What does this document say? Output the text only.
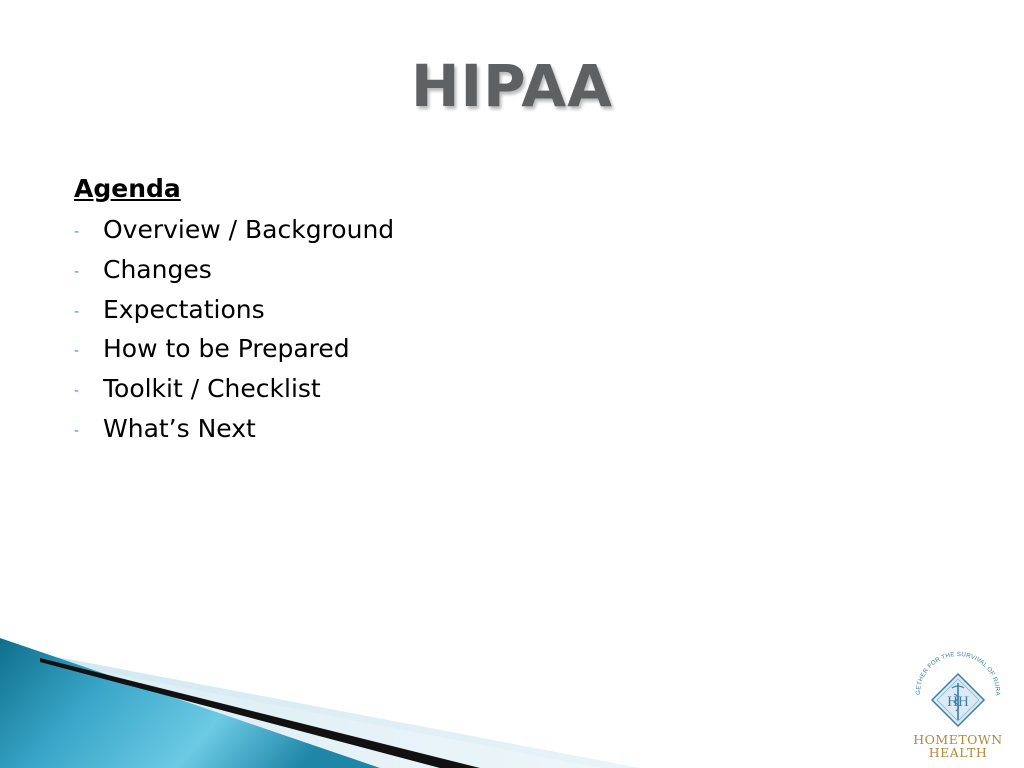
HIPAA
Agenda
- Overview / Background
- Changes
- Expectations
- How to be Prepared
- Toolkit / Checklist
- What’s Next
GETHER FOR THE SURVIVAL OF RURA
HH
HOMETOWN
HEALTH
